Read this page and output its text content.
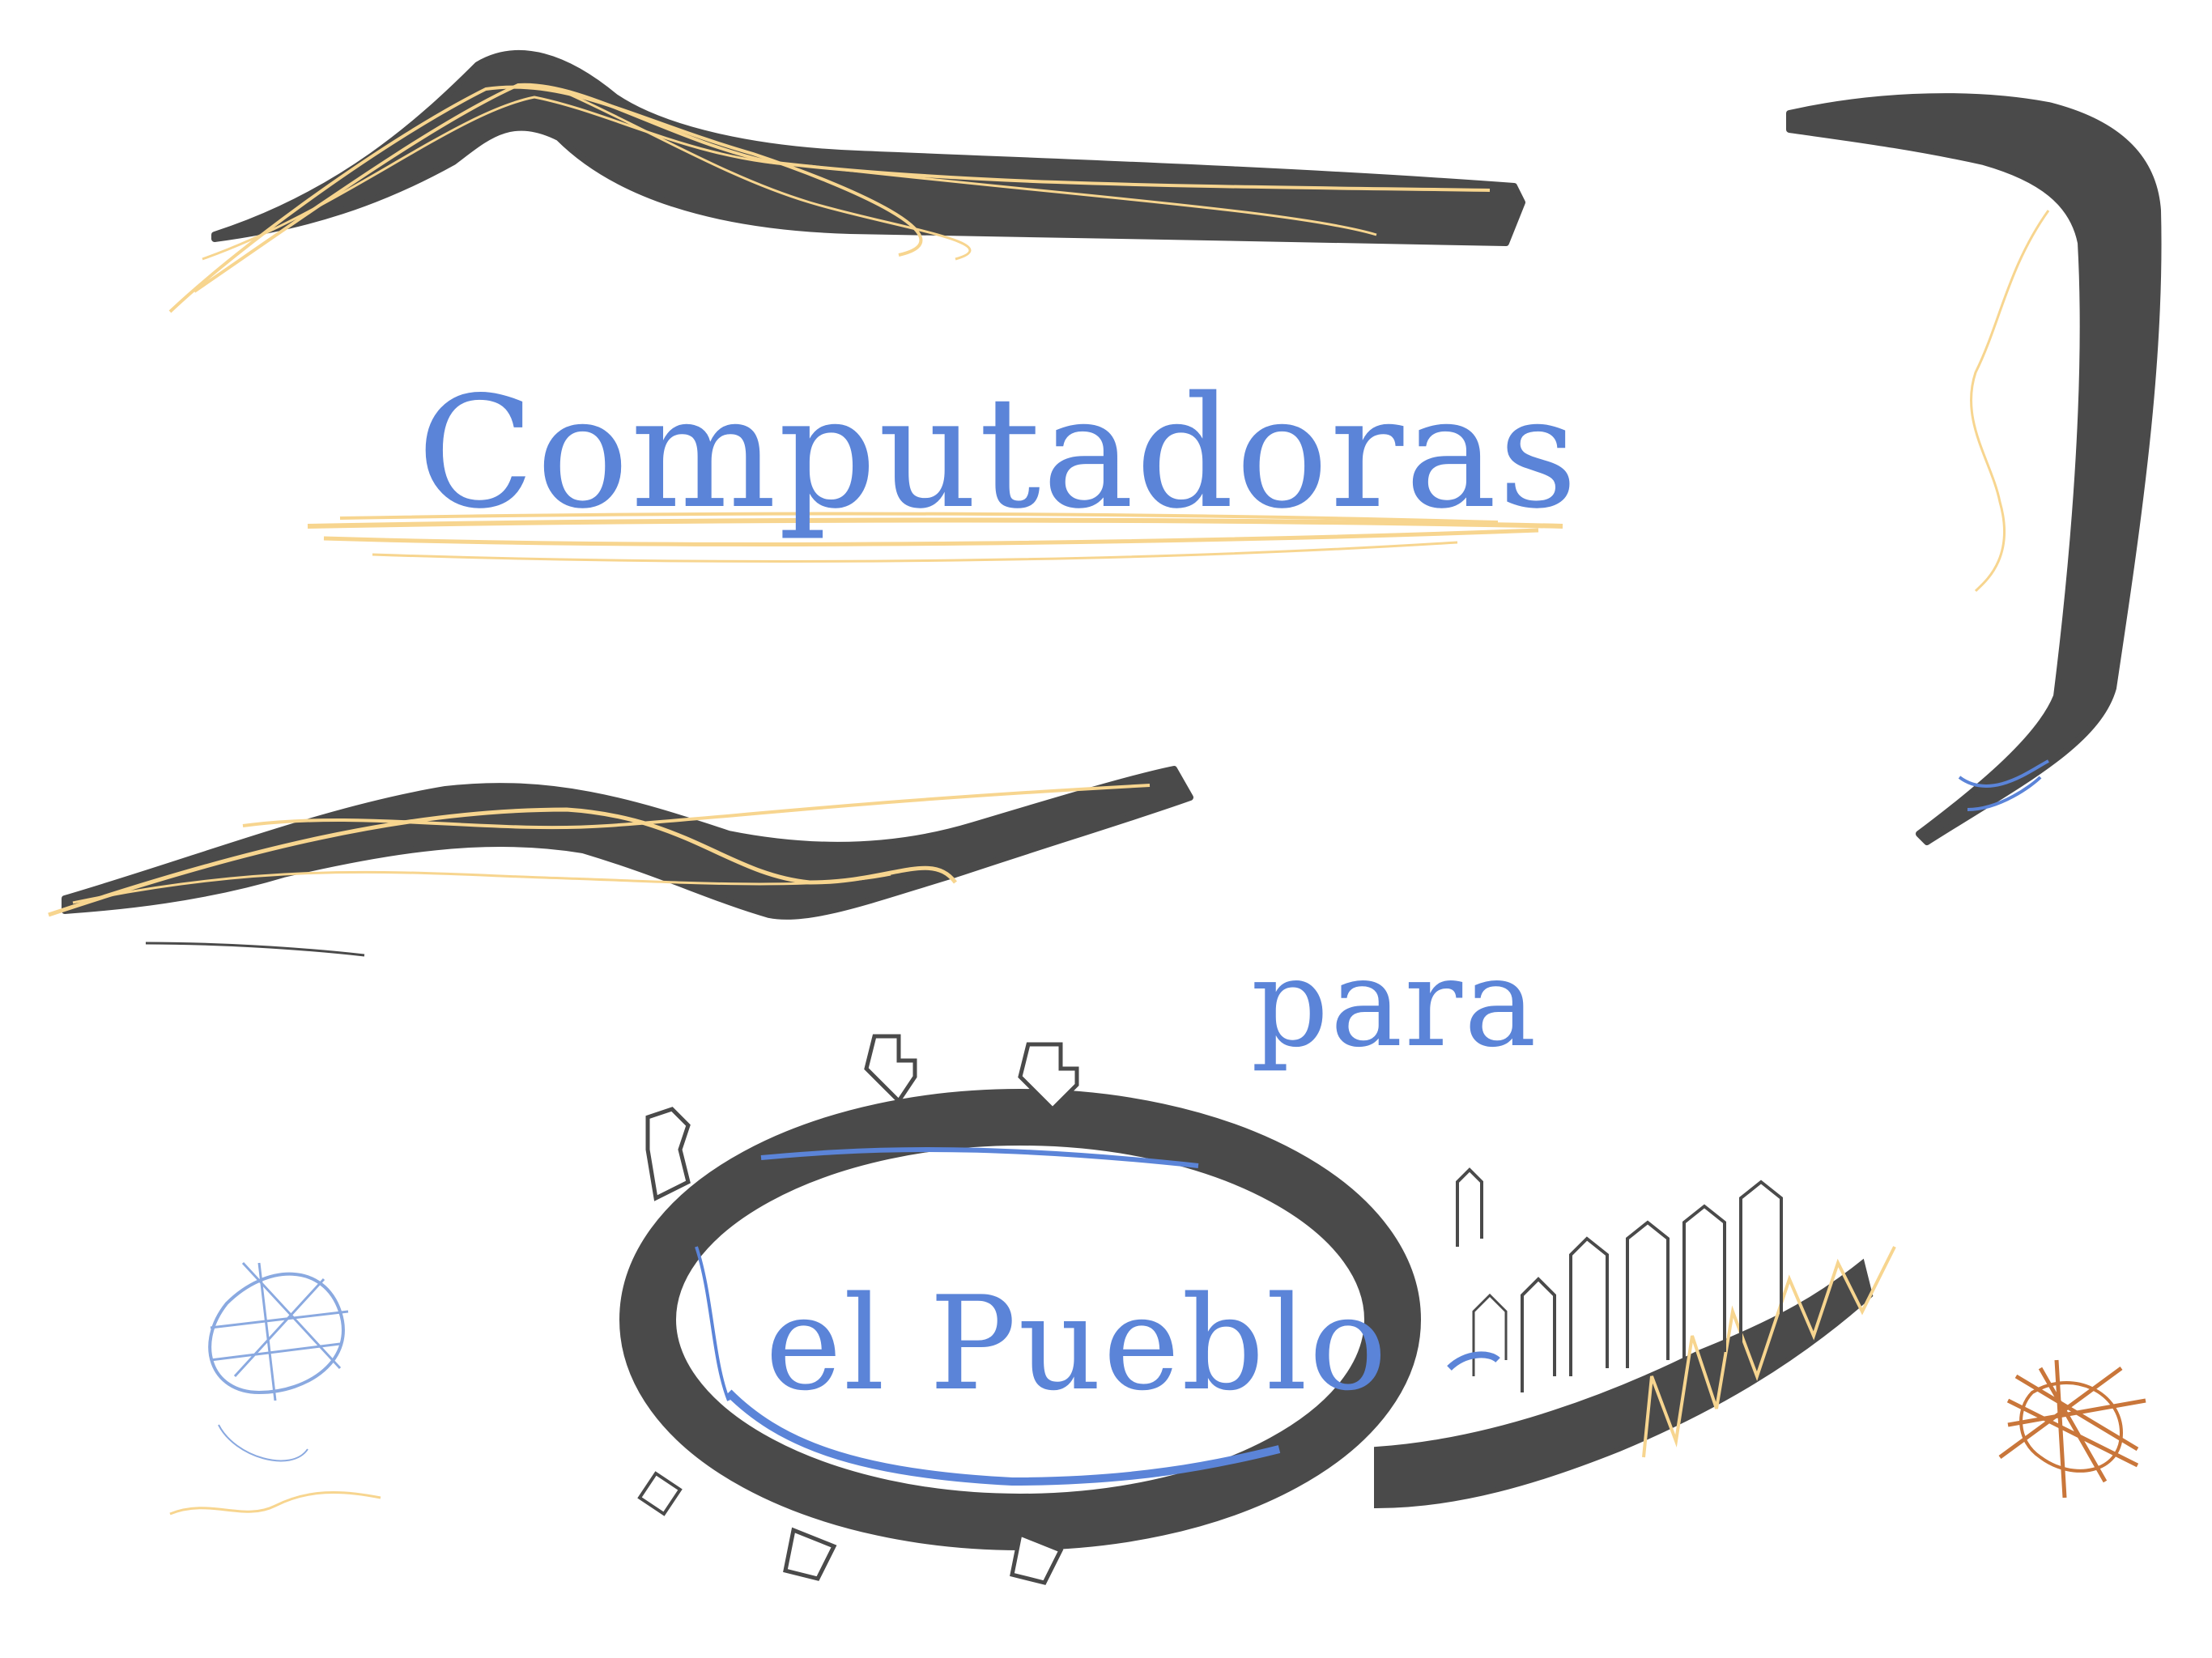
Computadoras
para
el Pueblo
